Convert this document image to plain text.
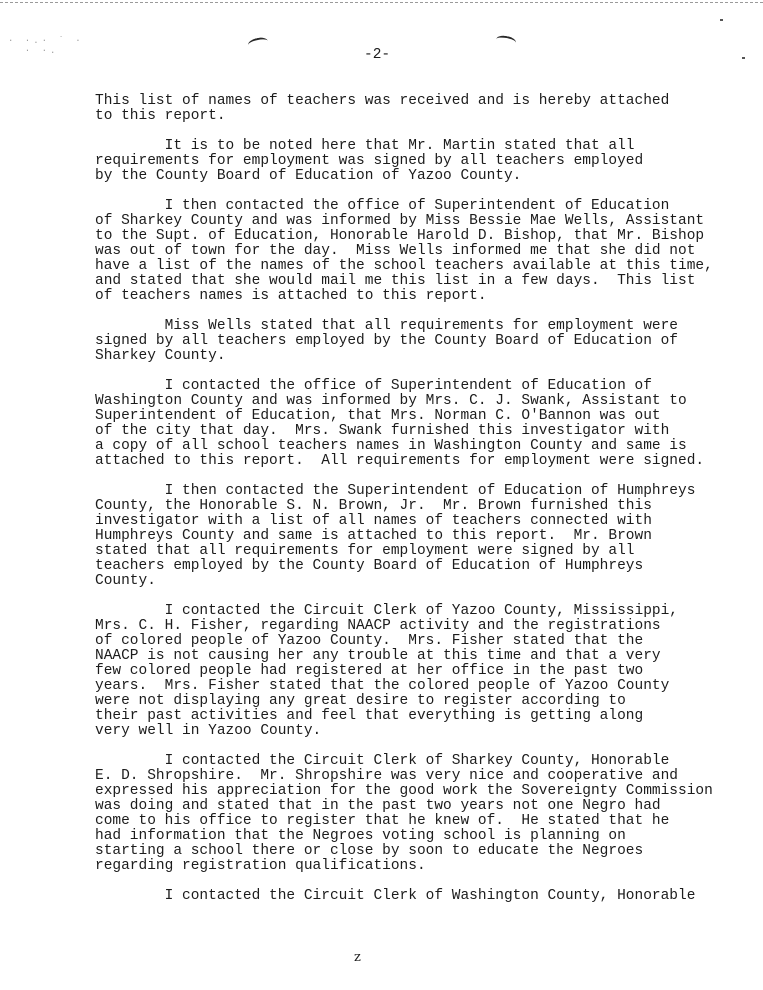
· ·.· ˙ ·
· ·.	-2-
This list of names of teachers was received and is hereby attached
to this report.
It is to be noted here that Mr. Martin stated that all
requirements for employment was signed by all teachers employed
by the County Board of Education of Yazoo County.
I then contacted the office of Superintendent of Education
of Sharkey County and was informed by Miss Bessie Mae Wells, Assistant
to the Supt. of Education, Honorable Harold D. Bishop, that Mr. Bishop
was out of town for the day.  Miss Wells informed me that she did not
have a list of the names of the school teachers available at this time,
and stated that she would mail me this list in a few days.  This list
of teachers names is attached to this report.
Miss Wells stated that all requirements for employment were
signed by all teachers employed by the County Board of Education of
Sharkey County.
I contacted the office of Superintendent of Education of
Washington County and was informed by Mrs. C. J. Swank, Assistant to
Superintendent of Education, that Mrs. Norman C. O'Bannon was out
of the city that day.  Mrs. Swank furnished this investigator with
a copy of all school teachers names in Washington County and same is
attached to this report.  All requirements for employment were signed.
I then contacted the Superintendent of Education of Humphreys
County, the Honorable S. N. Brown, Jr.  Mr. Brown furnished this
investigator with a list of all names of teachers connected with
Humphreys County and same is attached to this report.  Mr. Brown
stated that all requirements for employment were signed by all
teachers employed by the County Board of Education of Humphreys
County.
I contacted the Circuit Clerk of Yazoo County, Mississippi,
Mrs. C. H. Fisher, regarding NAACP activity and the registrations
of colored people of Yazoo County.  Mrs. Fisher stated that the
NAACP is not causing her any trouble at this time and that a very
few colored people had registered at her office in the past two
years.  Mrs. Fisher stated that the colored people of Yazoo County
were not displaying any great desire to register according to
their past activities and feel that everything is getting along
very well in Yazoo County.
I contacted the Circuit Clerk of Sharkey County, Honorable
E. D. Shropshire.  Mr. Shropshire was very nice and cooperative and
expressed his appreciation for the good work the Sovereignty Commission
was doing and stated that in the past two years not one Negro had
come to his office to register that he knew of.  He stated that he
had information that the Negroes voting school is planning on
starting a school there or close by soon to educate the Negroes
regarding registration qualifications.
I contacted the Circuit Clerk of Washington County, Honorable
z
